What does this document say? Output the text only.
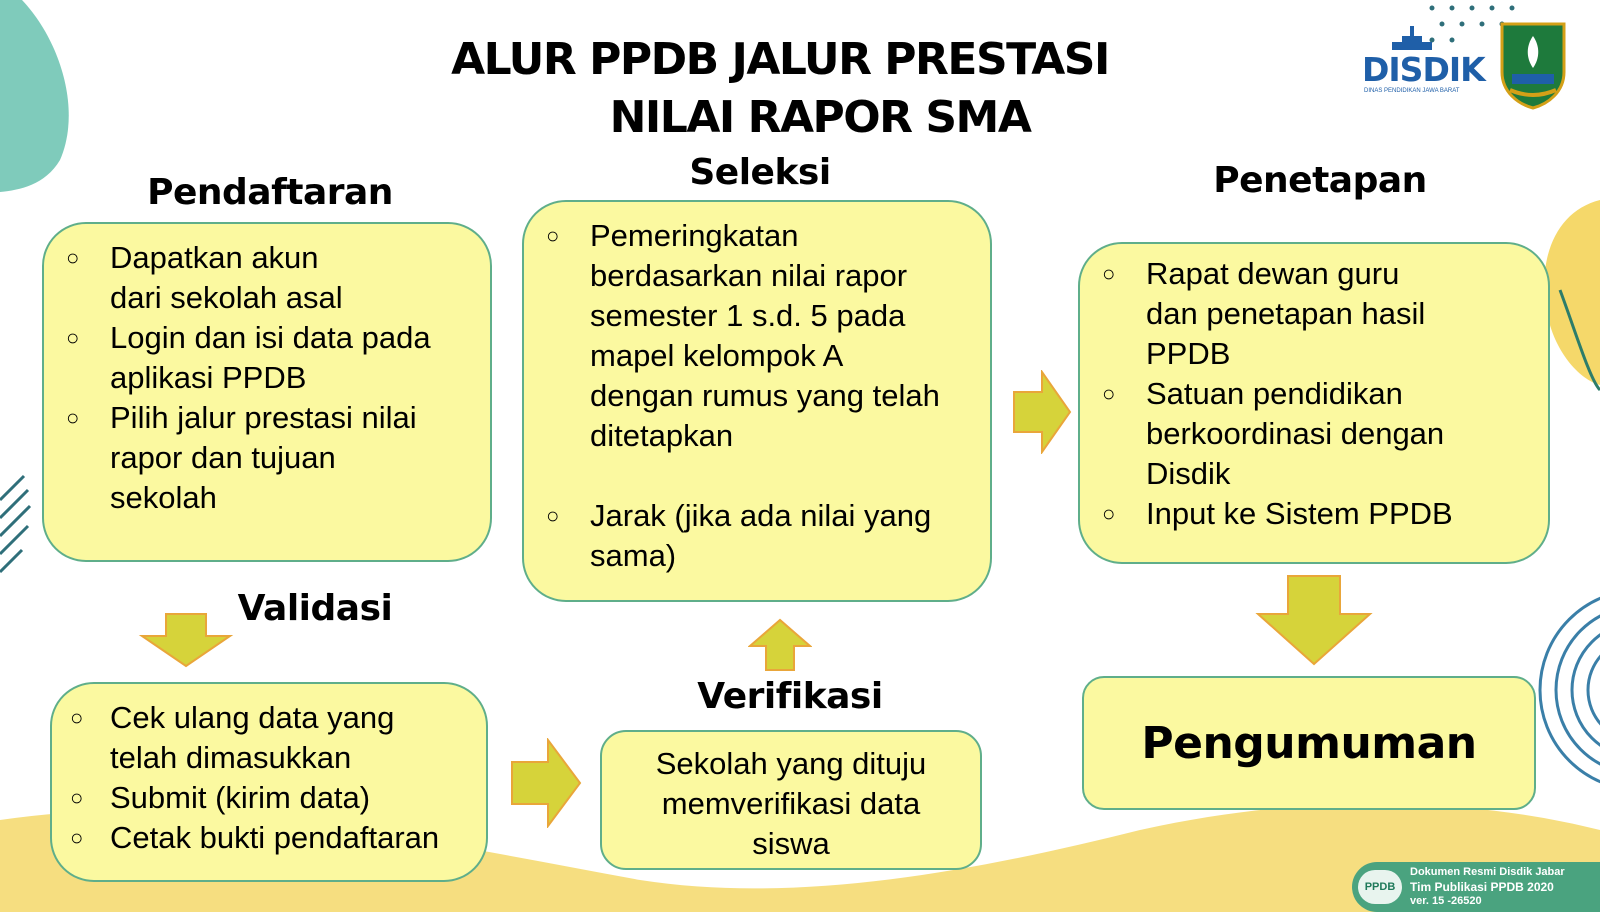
ALUR PPDB JALUR PRESTASI
NILAI RAPOR SMA
DISDIK
DINAS PENDIDIKAN JAWA BARAT
Pendaftaran	Seleksi	Penetapan
Validasi
Verifikasi
○ Dapatkan akun
dari sekolah asal
○ Login dan isi data pada
aplikasi PPDB
○ Pilih jalur prestasi nilai
rapor dan tujuan
sekolah
○ Pemeringkatan
berdasarkan nilai rapor
semester 1 s.d. 5 pada
mapel kelompok A
dengan rumus yang telah
ditetapkan
○ Jarak (jika ada nilai yang
sama)
○ Rapat dewan guru
dan penetapan hasil
PPDB
○ Satuan pendidikan
berkoordinasi dengan
Disdik
○ Input ke Sistem PPDB
○ Cek ulang data yang
telah dimasukkan
○ Submit (kirim data)
○ Cetak bukti pendaftaran
Sekolah yang dituju
memverifikasi data
siswa
Pengumuman
PPDB
Dokumen Resmi Disdik Jabar
Tim Publikasi PPDB 2020
ver. 15 -26520
